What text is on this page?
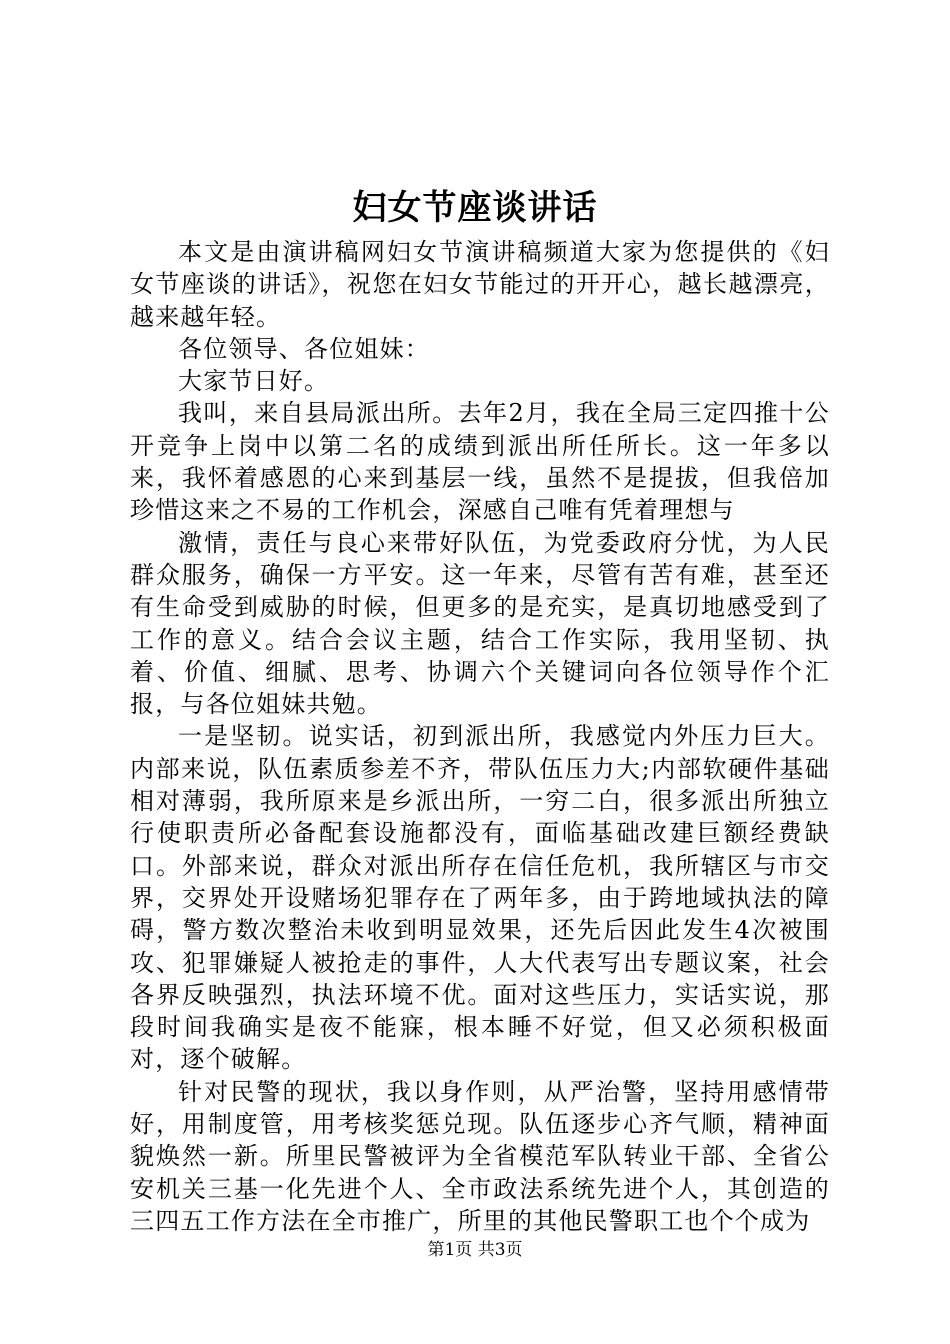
妇女节座谈讲话

本文是由演讲稿网妇女节演讲稿频道大家为您提供的《妇女节座谈的讲话》，祝您在妇女节能过的开开心，越长越漂亮，越来越年轻。

各位领导、各位姐妹：

大家节日好。

我叫，来自县局派出所。去年2月，我在全局三定四推十公开竞争上岗中以第二名的成绩到派出所任所长。这一年多以来，我怀着感恩的心来到基层一线，虽然不是提拔，但我倍加珍惜这来之不易的工作机会，深感自己唯有凭着理想与

激情，责任与良心来带好队伍，为党委政府分忧，为人民群众服务，确保一方平安。这一年来，尽管有苦有难，甚至还有生命受到威胁的时候，但更多的是充实，是真切地感受到了工作的意义。结合会议主题，结合工作实际，我用坚韧、执着、价值、细腻、思考、协调六个关键词向各位领导作个汇报，与各位姐妹共勉。

一是坚韧。说实话，初到派出所，我感觉内外压力巨大。内部来说，队伍素质参差不齐，带队伍压力大;内部软硬件基础相对薄弱，我所原来是乡派出所，一穷二白，很多派出所独立行使职责所必备配套设施都没有，面临基础改建巨额经费缺口。外部来说，群众对派出所存在信任危机，我所辖区与市交界，交界处开设赌场犯罪存在了两年多，由于跨地域执法的障碍，警方数次整治未收到明显效果，还先后因此发生4次被围攻、犯罪嫌疑人被抢走的事件，人大代表写出专题议案，社会各界反映强烈，执法环境不优。面对这些压力，实话实说，那段时间我确实是夜不能寐，根本睡不好觉，但又必须积极面对，逐个破解。

针对民警的现状，我以身作则，从严治警，坚持用感情带好，用制度管，用考核奖惩兑现。队伍逐步心齐气顺，精神面貌焕然一新。所里民警被评为全省模范军队转业干部、全省公安机关三基一化先进个人、全市政法系统先进个人，其创造的三四五工作方法在全市推广，所里的其他民警职工也个个成为

第1页 共3页
